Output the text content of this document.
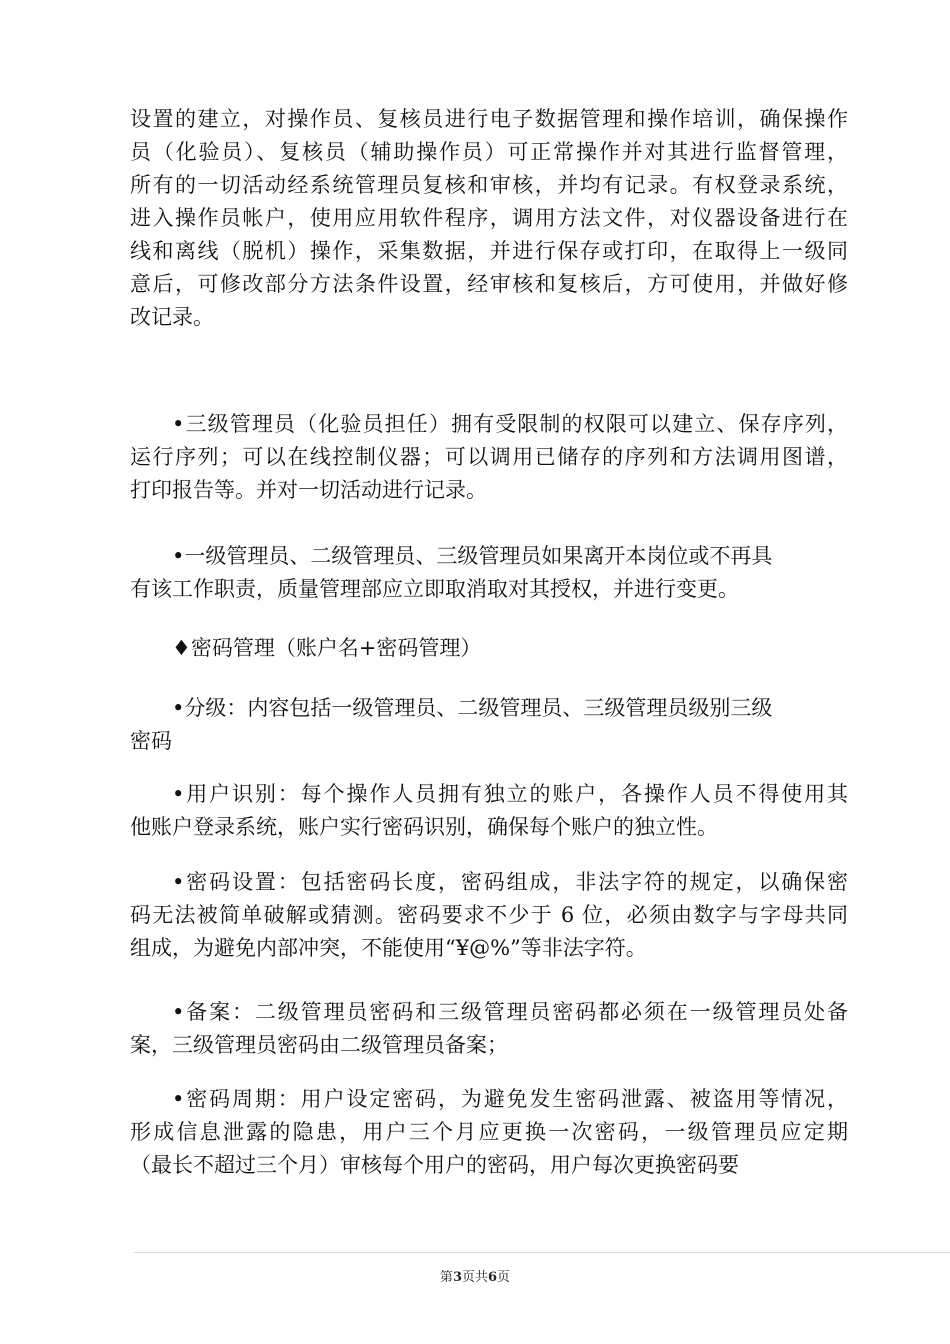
设置的建立，对操作员、复核员进行电子数据管理和操作培训，确保操作
员（化验员）、复核员（辅助操作员）可正常操作并对其进行监督管理，
所有的一切活动经系统管理员复核和审核，并均有记录。有权登录系统，
进入操作员帐户，使用应用软件程序，调用方法文件，对仪器设备进行在
线和离线（脱机）操作，采集数据，并进行保存或打印，在取得上一级同
意后，可修改部分方法条件设置，经审核和复核后，方可使用，并做好修
改记录。
•三级管理员（化验员担任）拥有受限制的权限可以建立、保存序列，
运行序列；可以在线控制仪器；可以调用已储存的序列和方法调用图谱，
打印报告等。并对一切活动进行记录。
•一级管理员、二级管理员、三级管理员如果离开本岗位或不再具
有该工作职责，质量管理部应立即取消取对其授权，并进行变更。
♦密码管理（账户名+密码管理）
•分级：内容包括一级管理员、二级管理员、三级管理员级别三级
密码
•用户识别：每个操作人员拥有独立的账户，各操作人员不得使用其
他账户登录系统，账户实行密码识别，确保每个账户的独立性。
•密码设置：包括密码长度，密码组成，非法字符的规定，以确保密
码无法被简单破解或猜测。密码要求不少于 6 位，必须由数字与字母共同
组成，为避免内部冲突，不能使用“¥@%”等非法字符。
•备案：二级管理员密码和三级管理员密码都必须在一级管理员处备
案，三级管理员密码由二级管理员备案；
•密码周期：用户设定密码，为避免发生密码泄露、被盗用等情况，
形成信息泄露的隐患，用户三个月应更换一次密码，一级管理员应定期
（最长不超过三个月）审核每个用户的密码，用户每次更换密码要
第3页共6页
